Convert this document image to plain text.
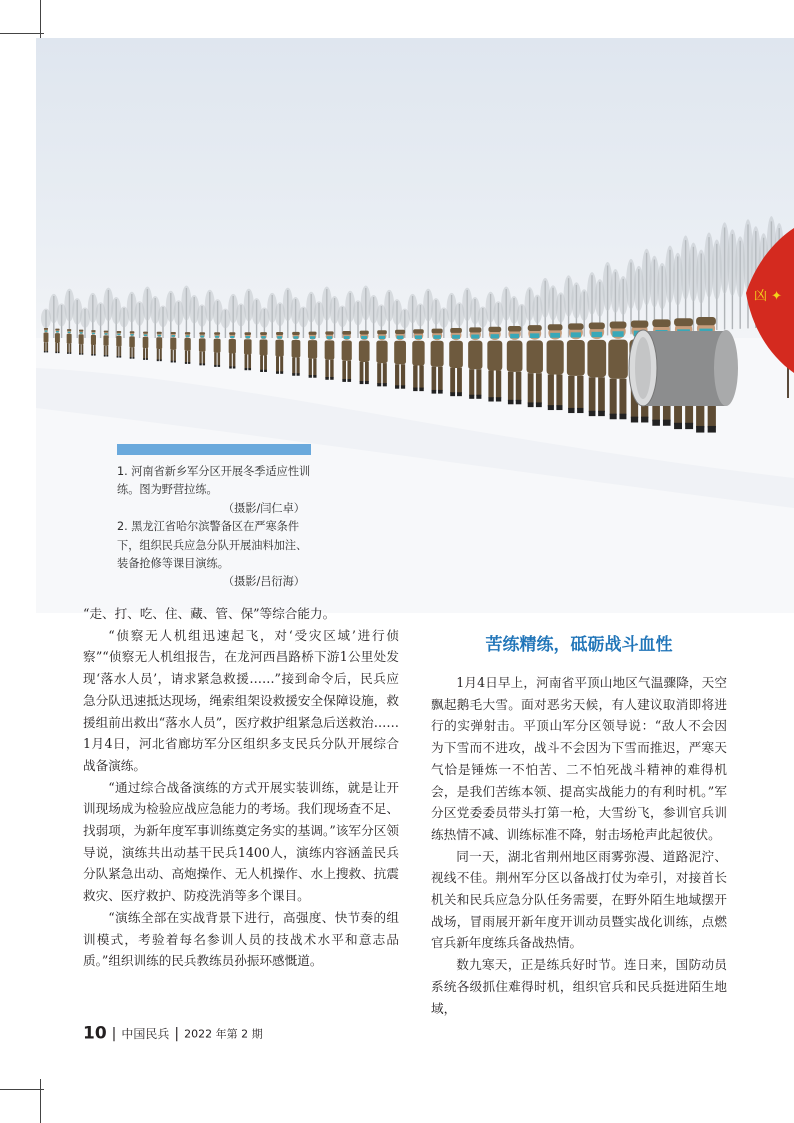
凶 ✦

1. 河南省新乡军分区开展冬季适应性训练。图为野营拉练。

（摄影/闫仁卓）

2. 黑龙江省哈尔滨警备区在严寒条件下，组织民兵应急分队开展油料加注、装备抢修等课目演练。

（摄影/吕衍海）

“走、打、吃、住、藏、管、保”等综合能力。

“侦察无人机组迅速起飞，对‘受灾区域’进行侦察”“侦察无人机组报告，在龙河西昌路桥下游1公里处发现‘落水人员’，请求紧急救援……”接到命令后，民兵应急分队迅速抵达现场，绳索组架设救援安全保障设施，救援组前出救出“落水人员”，医疗救护组紧急后送救治……1月4日，河北省廊坊军分区组织多支民兵分队开展综合战备演练。

“通过综合战备演练的方式开展实装训练，就是让开训现场成为检验应战应急能力的考场。我们现场查不足、找弱项，为新年度军事训练奠定务实的基调。”该军分区领导说，演练共出动基干民兵1400人，演练内容涵盖民兵分队紧急出动、高炮操作、无人机操作、水上搜救、抗震救灾、医疗救护、防疫洗消等多个课目。

“演练全部在实战背景下进行，高强度、快节奏的组训模式，考验着每名参训人员的技战术水平和意志品质。”组织训练的民兵教练员孙振环感慨道。

苦练精练，砥砺战斗血性

1月4日早上，河南省平顶山地区气温骤降，天空飘起鹅毛大雪。面对恶劣天候，有人建议取消即将进行的实弹射击。平顶山军分区领导说：“敌人不会因为下雪而不进攻，战斗不会因为下雪而推迟，严寒天气恰是锤炼一不怕苦、二不怕死战斗精神的难得机会，是我们苦练本领、提高实战能力的有利时机。”军分区党委委员带头打第一枪，大雪纷飞，参训官兵训练热情不减、训练标准不降，射击场枪声此起彼伏。

同一天，湖北省荆州地区雨雾弥漫、道路泥泞、视线不佳。荆州军分区以备战打仗为牵引，对接首长机关和民兵应急分队任务需要，在野外陌生地域摆开战场，冒雨展开新年度开训动员暨实战化训练，点燃官兵新年度练兵备战热情。

数九寒天，正是练兵好时节。连日来，国防动员系统各级抓住难得时机，组织官兵和民兵挺进陌生地域，

10 | 中国民兵 | 2022 年第 2 期
